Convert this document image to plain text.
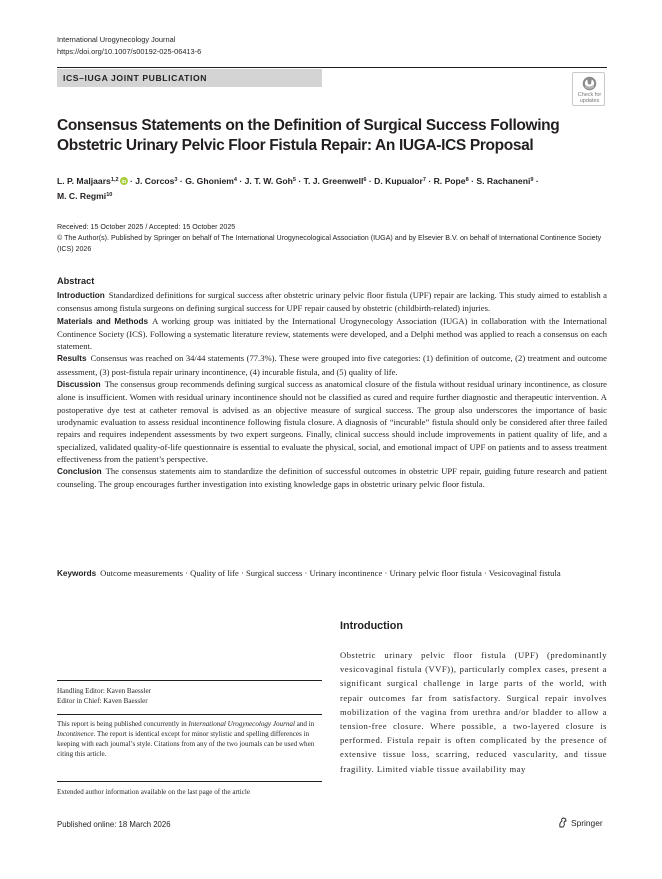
International Urogynecology Journal
https://doi.org/10.1007/s00192-025-06413-6
ICS–IUGA JOINT PUBLICATION
Check for
updates
Consensus Statements on the Definition of Surgical Success Following Obstetric Urinary Pelvic Floor Fistula Repair: An IUGA-ICS Proposal
L. P. Maljaars$^{1,2}$ iD · J. Corcos$^3$ · G. Ghoniem$^4$ · J. T. W. Goh$^5$ · T. J. Greenwell$^6$ · D. Kupualor$^7$ · R. Pope$^8$ · S. Rachaneni$^9$ ·
M. C. Regmi$^{10}$
Received: 15 October 2025 / Accepted: 15 October 2025
© The Author(s). Published by Springer on behalf of The International Urogynecological Association (IUGA) and by Elsevier B.V. on behalf of International Continence Society (ICS) 2026
Abstract

Introduction Standardized definitions for surgical success after obstetric urinary pelvic floor fistula (UPF) repair are lacking. This study aimed to establish a consensus among fistula surgeons on defining surgical success for UPF repair caused by obstetric (childbirth-related) injuries.

Materials and Methods A working group was initiated by the International Urogynecology Association (IUGA) in collaboration with the International Continence Society (ICS). Following a systematic literature review, statements were developed, and a Delphi method was applied to reach a consensus on each statement.

Results Consensus was reached on 34/44 statements (77.3%). These were grouped into five categories: (1) definition of outcome, (2) treatment and outcome assessment, (3) post-fistula repair urinary incontinence, (4) incurable fistula, and (5) quality of life.

Discussion The consensus group recommends defining surgical success as anatomical closure of the fistula without residual urinary incontinence, as closure alone is insufficient. Women with residual urinary incontinence should not be classified as cured and require further diagnostic and therapeutic intervention. A postoperative dye test at catheter removal is advised as an objective measure of surgical success. The group also underscores the importance of basic urodynamic evaluation to assess residual incontinence following fistula closure. A diagnosis of “incurable” fistula should only be considered after three failed repairs and requires independent assessments by two expert surgeons. Finally, clinical success should include improvements in patient quality of life, and a specialized, validated quality-of-life questionnaire is essential to evaluate the physical, social, and emotional impact of UPF on patients and to assess treatment effectiveness from the patient’s perspective.

Conclusion The consensus statements aim to standardize the definition of successful outcomes in obstetric UPF repair, guiding future research and patient counseling. The group encourages further investigation into existing knowledge gaps in obstetric urinary pelvic floor fistula.

Keywords Outcome measurements · Quality of life · Surgical success · Urinary incontinence · Urinary pelvic floor fistula · Vesicovaginal fistula
Introduction
Obstetric urinary pelvic floor fistula (UPF) (predominantly vesicovaginal fistula (VVF)), particularly complex cases, present a significant surgical challenge in large parts of the world, with repair outcomes far from satisfactory. Surgical repair involves mobilization of the vagina from urethra and/or bladder to allow a tension-free closure. Where possible, a two-layered closure is performed. Fistula repair is often complicated by the presence of extensive tissue loss, scarring, reduced vascularity, and tissue fragility. Limited viable tissue availability may
Handling Editor: Kaven Baessler
Editor in Chief: Kaven Baessler
This report is being published concurrently in International Urogynecology Journal and in Incontinence. The report is identical except for minor stylistic and spelling differences in keeping with each journal’s style. Citations from any of the two journals can be used when citing this article.
Extended author information available on the last page of the article
Published online: 18 March 2026	Springer
